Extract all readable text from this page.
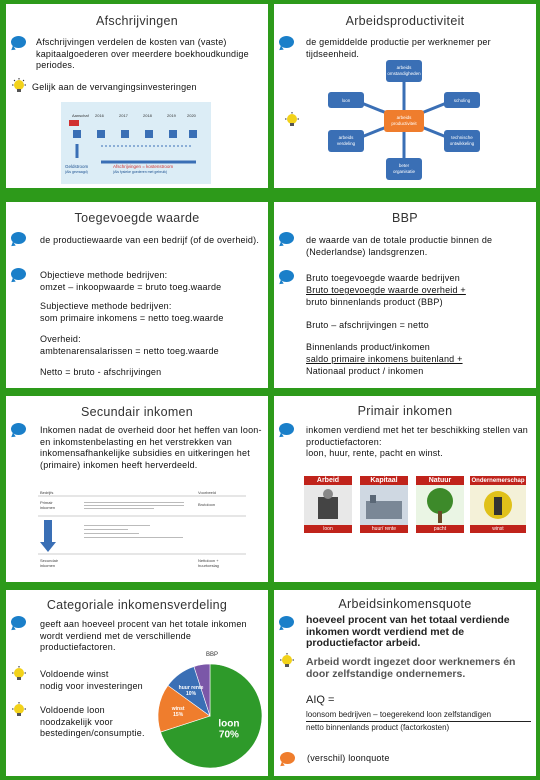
Afschrijvingen
Afschrijvingen verdelen de kosten van (vaste) kapitaalgoederen over meerdere boekhoudkundige periodes.
Gelijk aan de vervangingsinvesteringen
Aanschaf 2016	2017	2018	2019	2020
Geldstroom
(Als gevraagd)
Afschrijvingen = kostenstroom
(Als fysieke goederen met gebruik)
Arbeidsproductiviteit
de gemiddelde productie per werknemer per tijdseenheid.
arbeids
omstandigheden
scholing
technische
ontwikkeling
beter
organisatie
arbeids
verdeling
loon
arbeids
productiviteit
Toegevoegde waarde
de productiewaarde van een bedrijf (of de overheid).
Objectieve methode bedrijven:
omzet – inkoopwaarde = bruto toeg.waarde
Subjectieve methode bedrijven:
som primaire inkomens = netto toeg.waarde
Overheid:
ambtenarensalarissen = netto toeg.waarde
Netto = bruto - afschrijvingen
BBP
de waarde van de totale productie binnen de (Nederlandse) landsgrenzen.
Bruto toegevoegde waarde bedrijven
Bruto toegevoegde waarde overheid +
bruto binnenlands product (BBP)
Bruto – afschrijvingen = netto
Binnenlands product/inkomen
saldo primaire inkomens buitenland +
Nationaal product / inkomen
Secundair inkomen
Inkomen nadat de overheid door het heffen van loon- en inkomstenbelasting en het verstrekken van inkomensafhankelijke subsidies en uitkeringen het (primaire) inkomen heeft herverdeeld.
Bedrijfs	Voorbeeld
Primair
inkomen
Brutoloon
Secundair
inkomen
Nettoloon +
huurtoeslag
Primair inkomen
inkomen verdiend met het ter beschikking stellen van productiefactoren:
loon, huur, rente, pacht en winst.
Arbeid
loon
Kapitaal
huur/ rente
Natuur
pacht
Ondernemerschap
winst
Categoriale inkomensverdeling
geeft aan hoeveel procent van het totale inkomen wordt verdiend met de verschillende productiefactoren.
Voldoende winst
nodig voor investeringen
Voldoende loon
noodzakelijk voor
bestedingen/consumptie.
BBP
loon
70%
winst
15%
huur rente
10%
Arbeidsinkomensquote
hoeveel procent van het totaal verdiende inkomen wordt verdiend met de productiefactor arbeid.
Arbeid wordt ingezet door werknemers én door zelfstandige ondernemers.
AIQ =
loonsom bedrijven – toegerekend loon zelfstandigen
netto binnenlands product (factorkosten)
(verschil) loonquote
